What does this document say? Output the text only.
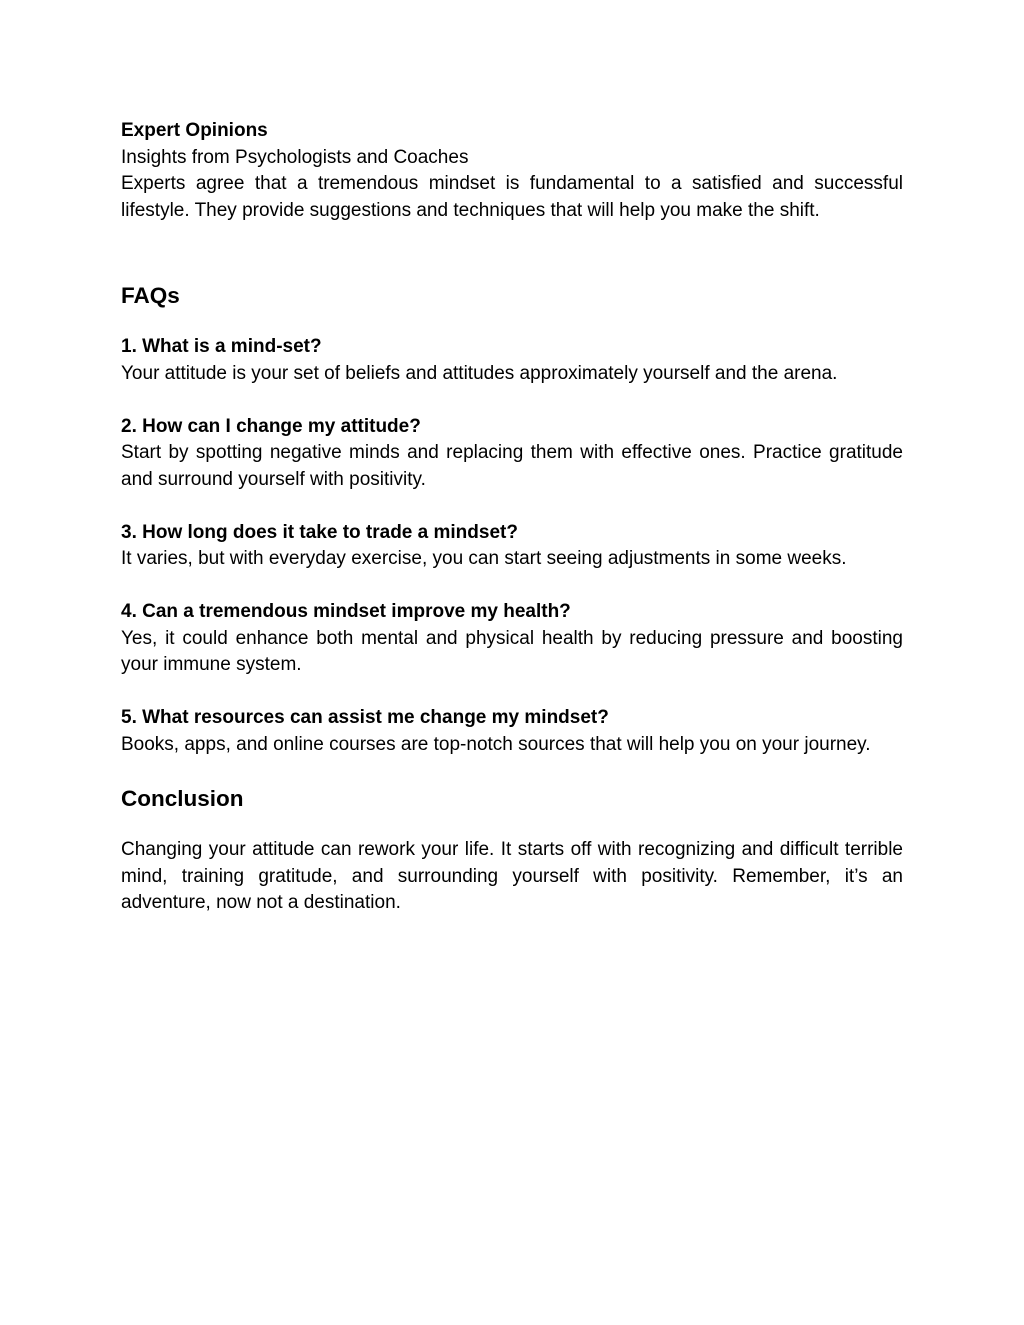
Expert Opinions

Insights from Psychologists and Coaches

Experts agree that a tremendous mindset is fundamental to a satisfied and successful lifestyle. They provide suggestions and techniques that will help you make the shift.

FAQs

1. What is a mind-set?

Your attitude is your set of beliefs and attitudes approximately yourself and the arena.

2. How can I change my attitude?

Start by spotting negative minds and replacing them with effective ones. Practice gratitude and surround yourself with positivity.

3. How long does it take to trade a mindset?

It varies, but with everyday exercise, you can start seeing adjustments in some weeks.

4. Can a tremendous mindset improve my health?

Yes, it could enhance both mental and physical health by reducing pressure and boosting your immune system.

5. What resources can assist me change my mindset?

Books, apps, and online courses are top-notch sources that will help you on your journey.

Conclusion

Changing your attitude can rework your life. It starts off with recognizing and difficult terrible mind, training gratitude, and surrounding yourself with positivity. Remember, it’s an adventure, now not a destination.
